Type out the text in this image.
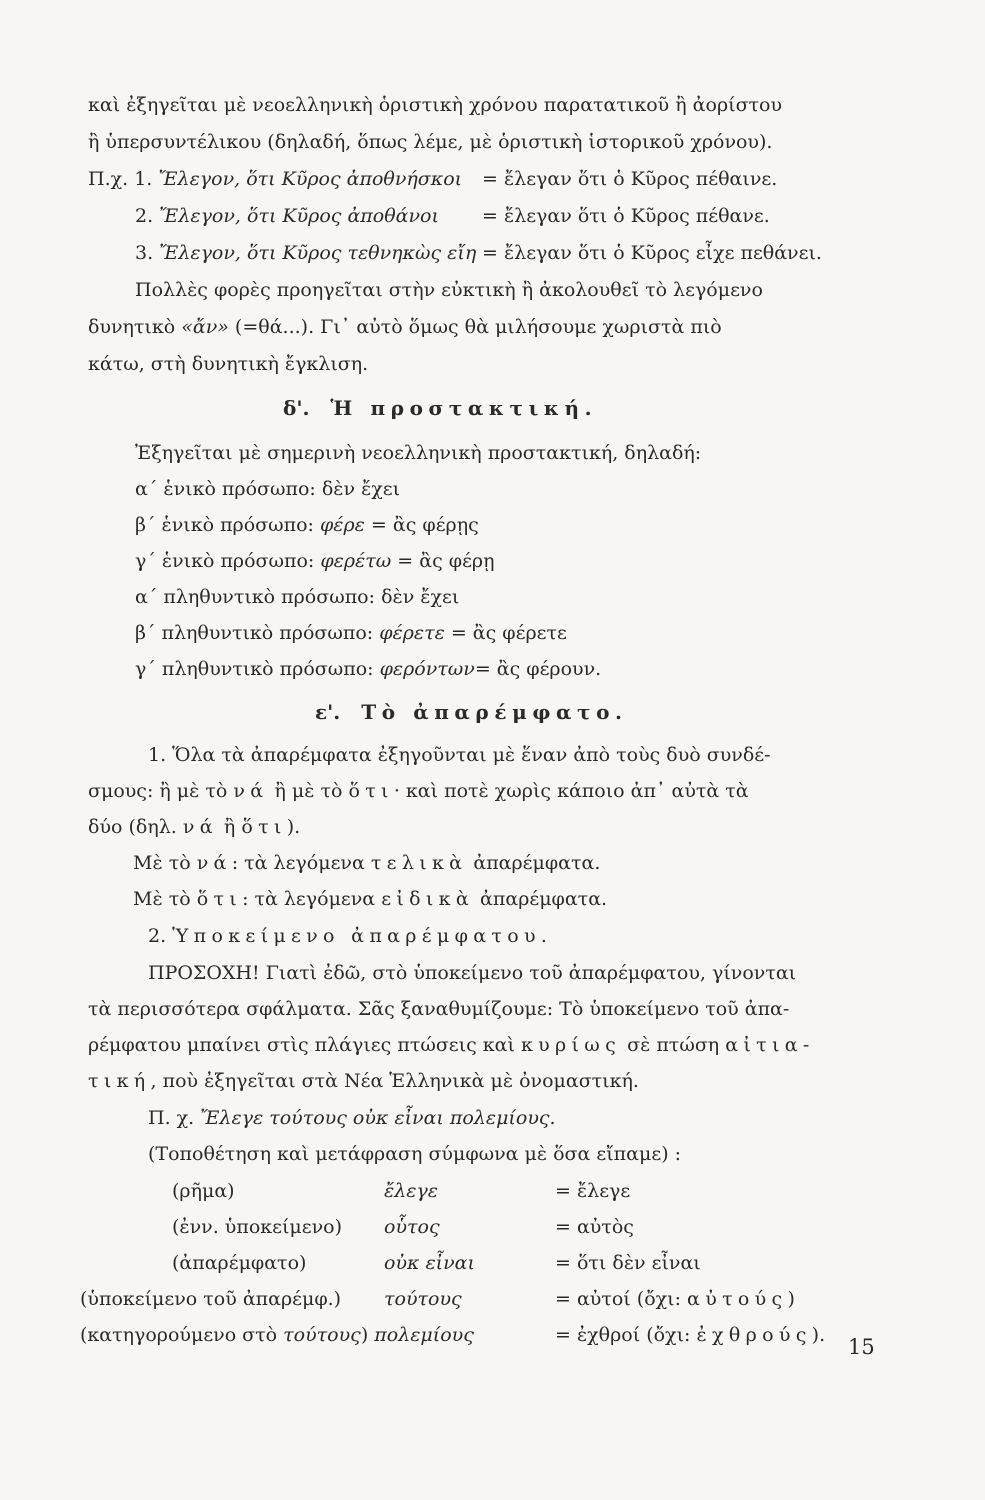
καὶ ἐξηγεῖται μὲ νεοελληνικὴ ὁριστικὴ χρόνου παρατατικοῦ ἢ ἀορίστου
ἢ ὑπερσυντέλικου (δηλαδή, ὅπως λέμε, μὲ ὁριστικὴ ἱστορικοῦ χρόνου).
Π.χ. 1. Ἔλεγον, ὅτι Κῦρος ἀποθνήσκοι = ἔλεγαν ὅτι ὁ Κῦρος πέθαινε.
2. Ἔλεγον, ὅτι Κῦρος ἀποθάνοι = ἔλεγαν ὅτι ὁ Κῦρος πέθανε.
3. Ἔλεγον, ὅτι Κῦρος τεθνηκὼς εἴη = ἔλεγαν ὅτι ὁ Κῦρος εἶχε πεθάνει.
Πολλὲς φορὲς προηγεῖται στὴν εὐκτικὴ ἢ ἀκολουθεῖ τὸ λεγόμενο
δυνητικὸ «ἄν» (=θά...). Γι᾿ αὐτὸ ὅμως θὰ μιλήσουμε χωριστὰ πιὸ
κάτω, στὴ δυνητικὴ ἔγκλιση.
δ'. Ἡ προστακτική.
Ἐξηγεῖται μὲ σημερινὴ νεοελληνικὴ προστακτική, δηλαδή:
α΄ ἑνικὸ πρόσωπο: δὲν ἔχει
β΄ ἑνικὸ πρόσωπο: φέρε = ἂς φέρῃς
γ΄ ἑνικὸ πρόσωπο: φερέτω = ἂς φέρῃ
α΄ πληθυντικὸ πρόσωπο: δὲν ἔχει
β΄ πληθυντικὸ πρόσωπο: φέρετε = ἂς φέρετε
γ΄ πληθυντικὸ πρόσωπο: φερόντων= ἂς φέρουν.
ε'. Τὸ ἀπαρέμφατο.
1. Ὅλα τὰ ἀπαρέμφατα ἐξηγοῦνται μὲ ἕναν ἀπὸ τοὺς δυὸ συνδέ-
σμους: ἢ μὲ τὸ νά ἢ μὲ τὸ ὅτι· καὶ ποτὲ χωρὶς κάποιο ἀπ᾿ αὐτὰ τὰ
δύο (δηλ. νά ἢ ὅτι).
Μὲ τὸ νά: τὰ λεγόμενα τελικὰ ἀπαρέμφατα.
Μὲ τὸ ὅτι: τὰ λεγόμενα εἰδικὰ ἀπαρέμφατα.
2. Ὑποκείμενο ἀπαρέμφατου.
ΠΡΟΣΟΧΗ! Γιατὶ ἐδῶ, στὸ ὑποκείμενο τοῦ ἀπαρέμφατου, γίνονται
τὰ περισσότερα σφάλματα. Σᾶς ξαναθυμίζουμε: Τὸ ὑποκείμενο τοῦ ἀπα-
ρέμφατου μπαίνει στὶς πλάγιες πτώσεις καὶ κυρίως σὲ πτώση αἰτια-
τική, ποὺ ἐξηγεῖται στὰ Νέα Ἑλληνικὰ μὲ ὀνομαστική.
Π. χ. Ἔλεγε τούτους οὐκ εἶναι πολεμίους.
(Τοποθέτηση καὶ μετάφραση σύμφωνα μὲ ὅσα εἴπαμε) :
(ρῆμα)	ἔλεγε	= ἔλεγε
(ἐνν. ὑποκείμενο) οὗτος	= αὐτὸς
(ἀπαρέμφατο)	οὐκ εἶναι	= ὅτι δὲν εἶναι
(ὑποκείμενο τοῦ ἀπαρέμφ.) τούτους	= αὐτοί (ὄχι: αὐτούς)
(κατηγορούμενο στὸ τούτους) πολεμίους	= ἐχθροί (ὄχι: ἐχθρούς). 15
